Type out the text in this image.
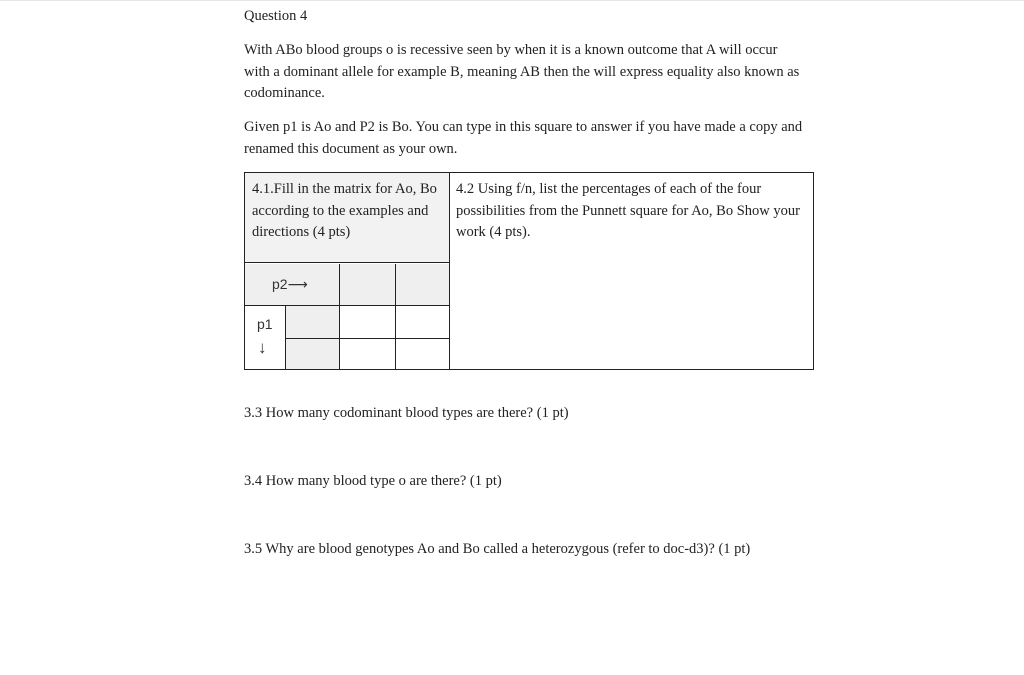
Question 4

With ABo blood groups o is recessive seen by when it is a known outcome that A will occur with a dominant allele for example B, meaning AB then the will express equality also known as codominance.

Given p1 is Ao and P2 is Bo. You can type in this square to answer if you have made a copy and renamed this document as your own.

4.1.Fill in the matrix for Ao, Bo according to the examples and directions (4 pts)
p2⟶
p1
↓
4.2 Using f/n, list the percentages of each of the four possibilities from the Punnett square for Ao, Bo Show your work (4 pts).

3.3 How many codominant blood types are there? (1 pt)

3.4 How many blood type o are there? (1 pt)

3.5 Why are blood genotypes Ao and Bo called a heterozygous (refer to doc-d3)? (1 pt)
